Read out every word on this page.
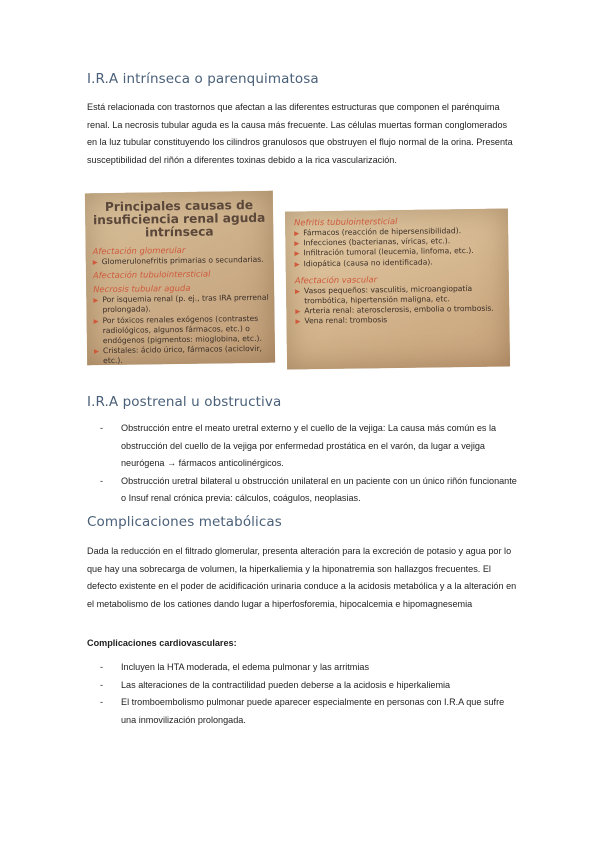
I.R.A intrínseca o parenquimatosa

Está relacionada con trastornos que afectan a las diferentes estructuras que componen el parénquima renal. La necrosis tubular aguda es la causa más frecuente. Las células muertas forman conglomerados en la luz tubular constituyendo los cilindros granulosos que obstruyen el flujo normal de la orina. Presenta susceptibilidad del riñón a diferentes toxinas debido a la rica vascularización.

Principales causas de insuficiencia renal aguda intrínseca
Afectación glomerular
▶ Glomerulonefritis primarias o secundarias.
Afectación tubulointersticial
Necrosis tubular aguda
▶ Por isquemia renal (p. ej., tras IRA prerrenal prolongada).
▶ Por tóxicos renales exógenos (contrastes radiológicos, algunos fármacos, etc.) o endógenos (pigmentos: mioglobina, etc.).
▶ Cristales: ácido úrico, fármacos (aciclovir, etc.).
Nefritis tubulointersticial
▶ Fármacos (reacción de hipersensibilidad).
▶ Infecciones (bacterianas, víricas, etc.).
▶ Infiltración tumoral (leucemia, linfoma, etc.).
▶ Idiopática (causa no identificada).
Afectación vascular
▶ Vasos pequeños: vasculitis, microangiopatía trombótica, hipertensión maligna, etc.
▶ Arteria renal: aterosclerosis, embolia o trombosis.
▶ Vena renal: trombosis
I.R.A postrenal u obstructiva
- Obstrucción entre el meato uretral externo y el cuello de la vejiga: La causa más común es la obstrucción del cuello de la vejiga por enfermedad prostática en el varón, da lugar a vejiga neurógena → fármacos anticolinérgicos.
- Obstrucción uretral bilateral u obstrucción unilateral en un paciente con un único riñón funcionante o Insuf renal crónica previa: cálculos, coágulos, neoplasias.
Complicaciones metabólicas

Dada la reducción en el filtrado glomerular, presenta alteración para la excreción de potasio y agua por lo que hay una sobrecarga de volumen, la hiperkaliemia y la hiponatremia son hallazgos frecuentes. El defecto existente en el poder de acidificación urinaria conduce a la acidosis metabólica y a la alteración en el metabolismo de los cationes dando lugar a hiperfosforemia, hipocalcemia e hipomagnesemia

Complicaciones cardiovasculares:
- Incluyen la HTA moderada, el edema pulmonar y las arritmias
- Las alteraciones de la contractilidad pueden deberse a la acidosis e hiperkaliemia
- El tromboembolismo pulmonar puede aparecer especialmente en personas con I.R.A que sufre una inmovilización prolongada.
